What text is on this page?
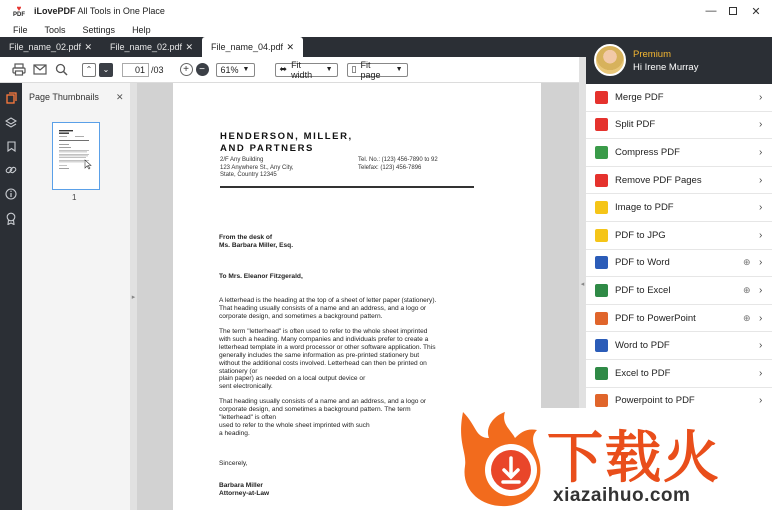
♥
PDF iLovePDF All Tools in One Place	—	✕
File Tools Settings Help
File_name_02.pdf ✕ File_name_02.pdf ✕ File_name_04.pdf ✕
⌃ ⌄	01 /03	+	−	61% ▼	⬌ Fit width	▼ ▯ Fit page	▼
Page Thumbnails ✕
1
▸
HENDERSON, MILLER,
AND PARTNERS
2/F Any Building
123 Anywhere St., Any City,
State, Country 12345
Tel. No.: (123) 456-7890 to 92
Telefax: (123) 456-7896
From the desk of
Ms. Barbara Miller, Esq.
To Mrs. Eleanor Fitzgerald,
A letterhead is the heading at the top of a sheet of letter paper (stationery).
That heading usually consists of a name and an address, and a logo or
corporate design, and sometimes a background pattern.
The term "letterhead" is often used to refer to the whole sheet imprinted
with such a heading. Many companies and individuals prefer to create a
letterhead template in a word processor or other software application. This
generally includes the same information as pre-printed stationery but
without the additional costs involved. Letterhead can then be printed on
stationery (or
plain paper) as needed on a local output device or
sent electronically.
That heading usually consists of a name and an address, and a logo or
corporate design, and sometimes a background pattern. The term
"letterhead" is often
used to refer to the whole sheet imprinted with such
a heading.
Sincerely,
Barbara Miller
Attorney-at-Law
◂
Premium
Hi Irene Murray
Merge PDF	›
Split PDF	›
Compress PDF	›
Remove PDF Pages	›
Image to PDF	›
PDF to JPG	›
PDF to Word	⊕ ›
PDF to Excel	⊕ ›
PDF to PowerPoint	⊕ ›
Word to PDF	›
Excel to PDF	›
Powerpoint to PDF	›
下载火
xiazaihuo.com
